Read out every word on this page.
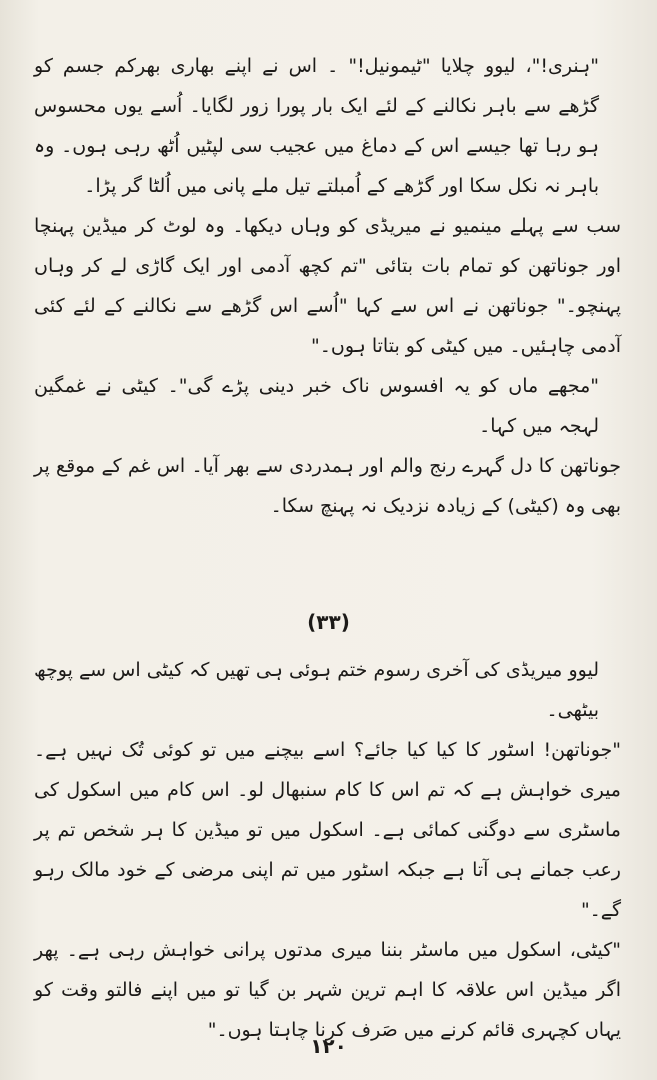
"ہنری!"، لیوو چلایا "ٹیمونیل!" ۔ اس نے اپنے بھاری بھرکم جسم کو گڑھے سے باہر نکالنے کے لئے ایک بار پورا زور لگایا۔ اُسے یوں محسوس ہو رہا تھا جیسے اس کے دماغ میں عجیب سی لپٹیں اُٹھ رہی ہوں۔ وہ باہر نہ نکل سکا اور گڑھے کے اُمبلتے تیل ملے پانی میں اُلٹا گر پڑا۔

سب سے پہلے مینمیو نے میریڈی کو وہاں دیکھا۔ وہ لوٹ کر میڈین پہنچا اور جوناتھن کو تمام بات بتائی "تم کچھ آدمی اور ایک گاڑی لے کر وہاں پہنچو۔" جوناتھن نے اس سے کہا "اُسے اس گڑھے سے نکالنے کے لئے کئی آدمی چاہئیں۔ میں کیٹی کو بتاتا ہوں۔"

"مجھے ماں کو یہ افسوس ناک خبر دینی پڑے گی"۔ کیٹی نے غمگین لہجہ میں کہا۔

جوناتھن کا دل گہرے رنج والم اور ہمدردی سے بھر آیا۔ اس غم کے موقع پر بھی وہ (کیٹی) کے زیادہ نزدیک نہ پہنچ سکا۔

(۳۳)

لیوو میریڈی کی آخری رسوم ختم ہوئی ہی تھیں کہ کیٹی اس سے پوچھ بیٹھی۔

"جوناتھن! اسٹور کا کیا کیا جائے؟ اسے بیچنے میں تو کوئی تُک نہیں ہے۔ میری خواہش ہے کہ تم اس کا کام سنبھال لو۔ اس کام میں اسکول کی ماسٹری سے دوگنی کمائی ہے۔ اسکول میں تو میڈین کا ہر شخص تم پر رعب جمانے ہی آتا ہے جبکہ اسٹور میں تم اپنی مرضی کے خود مالک رہو گے۔"

"کیٹی، اسکول میں ماسٹر بننا میری مدتوں پرانی خواہش رہی ہے۔ پھر اگر میڈین اس علاقہ کا اہم ترین شہر بن گیا تو میں اپنے فالتو وقت کو یہاں کچہری قائم کرنے میں صَرف کرنا چاہتا ہوں۔"

۱۲۰
